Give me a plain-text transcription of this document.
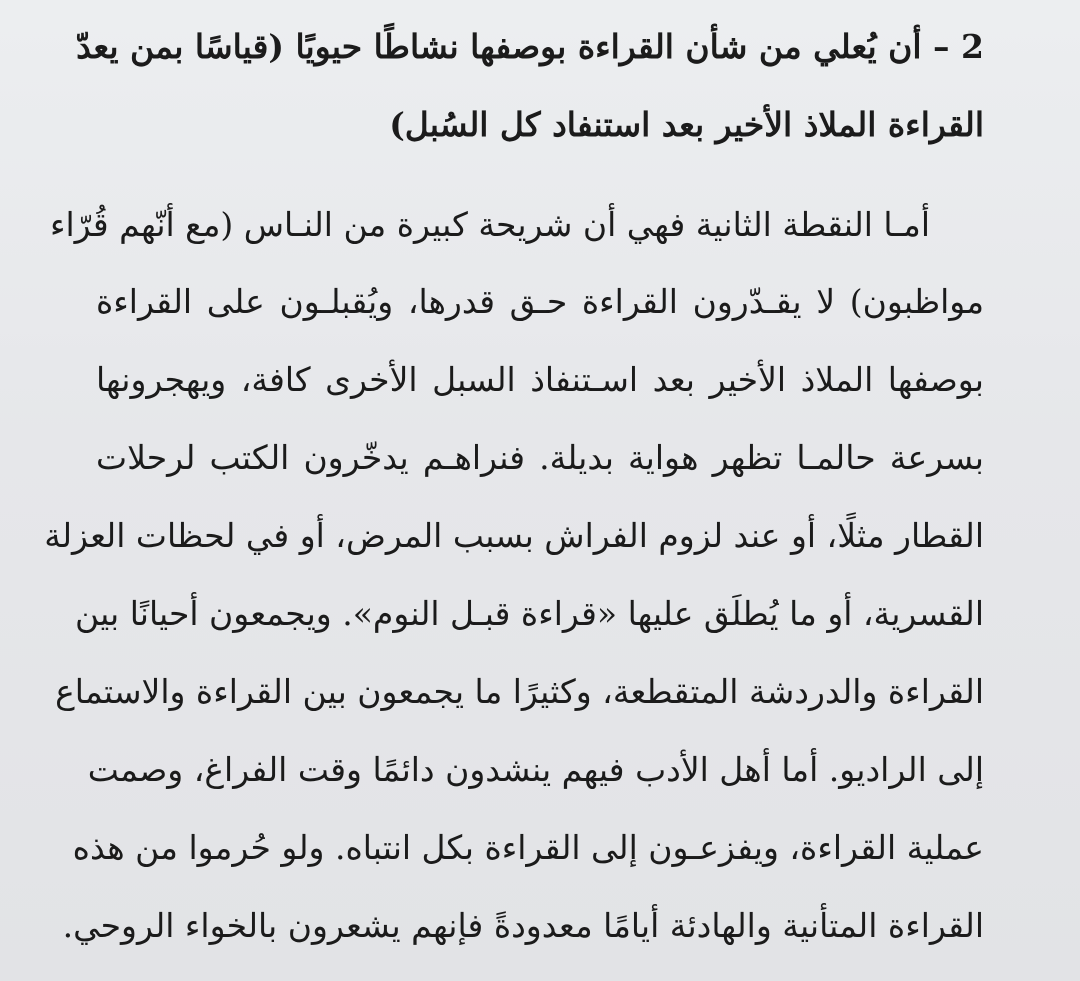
2 – أن يُعلي من شأن القراءة بوصفها نشاطًا حيويًا (قياسًا بمن يعدّ
القراءة الملاذ الأخير بعد استنفاد كل السُبل)
أمـا النقطة الثانية فهي أن شريحة كبيرة من النـاس (مع أنّهم قُرّاء
مواظبون) لا يقـدّرون القراءة حـق قدرها، ويُقبلـون على القراءة
بوصفها الملاذ الأخير بعد اسـتنفاذ السبل الأخرى كافة، ويهجرونها
بسرعة حالمـا تظهر هواية بديلة. فنراهـم يدخّرون الكتب لرحلات
القطار مثلًا، أو عند لزوم الفراش بسبب المرض، أو في لحظات العزلة
القسرية، أو ما يُطلَق عليها «قراءة قبـل النوم». ويجمعون أحيانًا بين
القراءة والدردشة المتقطعة، وكثيرًا ما يجمعون بين القراءة والاستماع
إلى الراديو. أما أهل الأدب فيهم ينشدون دائمًا وقت الفراغ، وصمت
عملية القراءة، ويفزعـون إلى القراءة بكل انتباه. ولو حُرموا من هذه
القراءة المتأنية والهادئة أيامًا معدودةً فإنهم يشعرون بالخواء الروحي.
